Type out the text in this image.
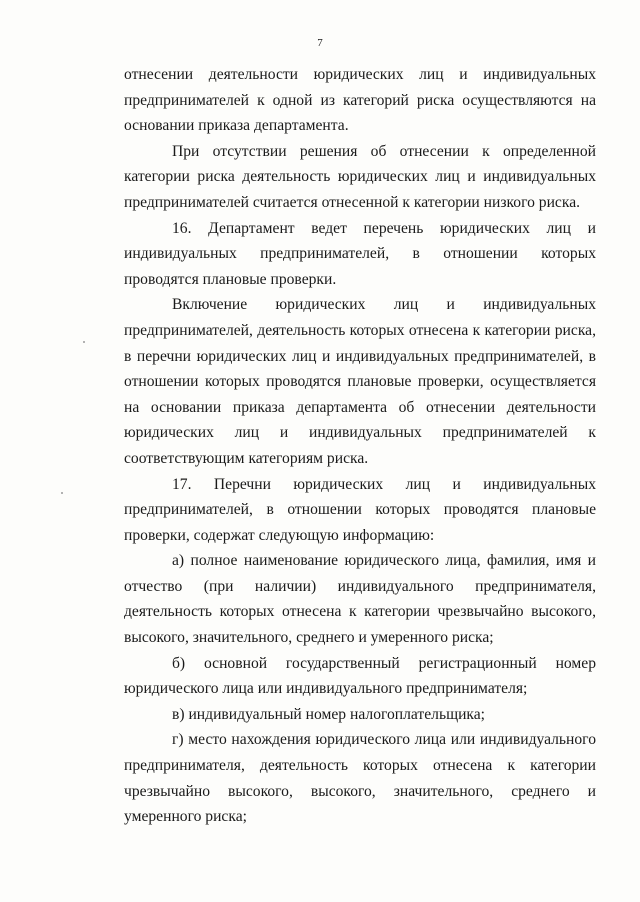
7

отнесении деятельности юридических лиц и индивидуальных предпринимателей к одной из категорий риска осуществляются на основании приказа департамента.

При отсутствии решения об отнесении к определенной категории риска деятельность юридических лиц и индивидуальных предпринимателей считается отнесенной к категории низкого риска.

16. Департамент ведет перечень юридических лиц и индивидуальных предпринимателей, в отношении которых проводятся плановые проверки.

Включение юридических лиц и индивидуальных предпринимателей, деятельность которых отнесена к категории риска, в перечни юридических лиц и индивидуальных предпринимателей, в отношении которых проводятся плановые проверки, осуществляется на основании приказа департамента об отнесении деятельности юридических лиц и индивидуальных предпринимателей к соответствующим категориям риска.

17. Перечни юридических лиц и индивидуальных предпринимателей, в отношении которых проводятся плановые проверки, содержат следующую информацию:

а) полное наименование юридического лица, фамилия, имя и отчество (при наличии) индивидуального предпринимателя, деятельность которых отнесена к категории чрезвычайно высокого, высокого, значительного, среднего и умеренного риска;

б) основной государственный регистрационный номер юридического лица или индивидуального предпринимателя;

в) индивидуальный номер налогоплательщика;

г) место нахождения юридического лица или индивидуального предпринимателя, деятельность которых отнесена к категории чрезвычайно высокого, высокого, значительного, среднего и умеренного риска;
